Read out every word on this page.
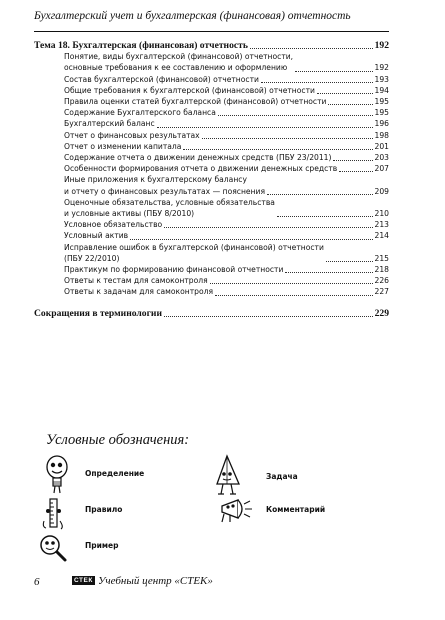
Бухгалтерский учет и бухгалтерская (финансовая) отчетность
Тема 18. Бухгалтерская (финансовая) отчетность	192
Понятие, виды бухгалтерской (финансовой) отчетности,
основные требования к ее составлению и оформлению	192
Состав бухгалтерской (финансовой) отчетности	193
Общие требования к бухгалтерской (финансовой) отчетности	194
Правила оценки статей бухгалтерской (финансовой) отчетности	195
Содержание Бухгалтерского баланса	195
Бухгалтерский баланс	196
Отчет о финансовых результатах	198
Отчет о изменении капитала	201
Содержание отчета о движении денежных средств (ПБУ 23/2011)	203
Особенности формирования отчета о движении денежных средств	207
Иные приложения к бухгалтерскому балансу
и отчету о финансовых результатах — пояснения	209
Оценочные обязательства, условные обязательства
и условные активы (ПБУ 8/2010)	210
Условное обязательство	213
Условный актив	214
Исправление ошибок в бухгалтерской (финансовой) отчетности
(ПБУ 22/2010)	215
Практикум по формированию финансовой отчетности	218
Ответы к тестам для самоконтроля	226
Ответы к задачам для самоконтроля	227
Сокращения в терминологии	229
Условные обозначения:
Определение
Правило
Пример
Задача
Комментарий
6	СТЕК Учебный центр «СТЕК»
